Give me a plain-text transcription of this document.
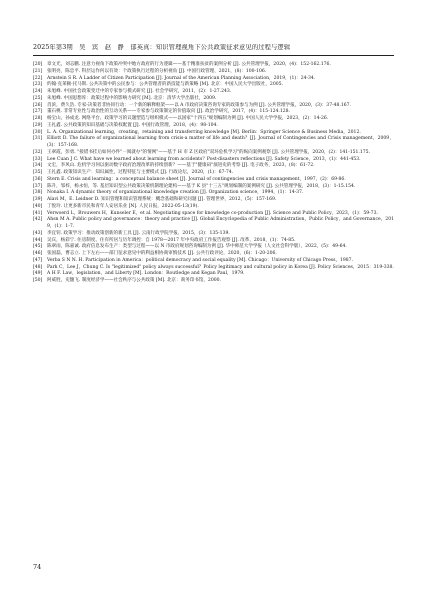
2025年第3期　吴　宾　赵　静　郁英真：知识管理视角下公共政策征求意见的过程与逻辑
[20]	章文光，刘志鹏. 注意力视角下政策冲突中地方政府的行为逻辑——基于精准扶贫的案例分析 [J]. 公共管理学报，2020，(4)：152-162.176.
[21]	张明亮，陈忠平. 科层运作何以有效：个政策执行过程的分析视角 [J]. 中国行政管理，2021，(8)：100-106.
[22]	Arnstein S R. A Ladder of Citizen Participation [J]. Journal of the American Planning Association，2019，(1)：24-34.
[23]	约翰·克莱顿·托马斯. 公共决策中的公民参与：公共管理者的新技能与新策略 [M]. 北京：中国人民大学出版社，2005.
[24]	朱旭峰. 中国社会政策变迁中的专家参与模式研究 [J]. 社会学研究，2011，(2)：1-27.243.
[25]	朱旭峰. 中国思想库：政策过程中的影响力研究 [M]. 北京：清华大学出版社，2009.
[26]	肖滨，费久浩. 专家-决策者非协同行动：一个新的解释框架——以 A 市政府决策咨询专家的政策参与为例 [J]. 公共管理学报，2020，(3)：37-48.167.
[27]	董石桃. 非常专业性与政治性的互动关系——专家参与政策制定的价值取向 [J]. 政治学研究，2017，(4)：115-124.128.
[28]	杨宝山，孙成龙. 网络平台、政策学习的议题塑造与组织模式——以国家"十四五"规划编制为例 [J]. 中国人民大学学报，2023，(2)：14-26.
[29]	王礼鑫. 公共政策的知识基础与决策权配置 [J]. 中国行政管理，2018，(4)：98-104.
[30]	L. A. Organizational learning，creating，retaining and transferring knowledge [M]. Berlin：Springer Science & Business Media，2012.
[31]	Elliott D. The failure of organizational learning from crisis-a matter of life and death？[J]. Journal of Contingencies and Crisis management，2009，(3)：157-168.
[32]	王翠霞，彭勇. "接错书挂后如何办件"一阅就办"的情网"——基于 H 市 Z 区政府"双环危机学习"的纵向案例观察 [J]. 公共管理学报，2020，(2)：141-151.175.
[33]	Lee Cuan J C. What have we learned about learning from accidents？Post-disasters reflections [J]. Safety Science，2013，(1)：441-453.
[34]	文宏，李风山. 危机学习何以驱动数字政府治理改革的持续创新？——基于"健康码"演进史的考察 [J]. 电子政务，2023，(8)：61-72.
[35]	王礼鑫. 政策知识生产：知识属性，过程特征与主要模式 [J]. 行政论坛，2020，(1)：67-74.
[36]	Stern E. Crisis and learning：a conceptual balance sheet [J]. Journal of contingencies and crisis management，1997，(2)：69-86.
[37]	陈升，邹梓，杨永恒，等. 基层知识型公共政策决策机制理论建构——基于 K 县"十三五"规划编制的案例研究 [J]. 公共管理学报，2018，(3)：1-15.154.
[38]	Nonaka I. A dynamic theory of organizational knowledge creation [J]. Organization science，1994，(1)：14-37.
[39]	Alavi M，E. Leidner D. 知识管理和知识管理系统：概念基础和研究问题 [J]. 管理世界，2012，(5)：157-169.
[40]	丁悦玲. 让更多新市民和青年人安居乐业 [N]. 人民日报，2022-05-13(19).
[41]	Verwoerd L，Brouwers H，Kunseler E，et al. Negotiating space for knowledge co-production [J]. Science and Public Policy，2023，(1)：59-73.
[42]	Ahsn M A. Public policy and governance：theory and practice [J]. Global Encyclopedia of Public Administration，Public Policy，and Governance，2019，(1)：1-7.
[43]	李宜钊. 政策学习：推动政策创新的新工具 [J]. 云南行政学院学报，2015，(3)：135-139.
[44]	吴宾，杨彩宁. 住房制度、住有所居与历年调控：自 1978—2017 年中央政府工作报告观察 [J]. 改革，2018，(1)：74-85.
[45]	陈翠雨，陈嘉诚. 政府信息发布生产：类型与过程——以 N 市政府规划咨询编制为例 [J]. 华中师范大学学报（人文社会科学版），2022，(5)：49-64.
[46]	张国磊，曹志立. 上下左右——部门征求意见中的利益相协商审慎技术 [J]. 公共行政评论，2020，(6)：1-20-206.
[47]	Verba S N N. H. Participation in America：political democracy and social equality [M]. Chicago：University of Chicago Press，1987.
[48]	Park C，Lee J，Chung C. Is "legitimized" policy always successful？Policy legitimacy and cultural policy in Korea [J]. Policy Sciences，2015：319-338.
[49]	A H F. Law，legislation，and Liberty [M]. London：Routledge and Kegan Paul，1979.
[50]	阿威胜，史馥飞. 制度经济学——社会秩序与公共政策 [M]. 北京：商务印书馆，2000.
74
